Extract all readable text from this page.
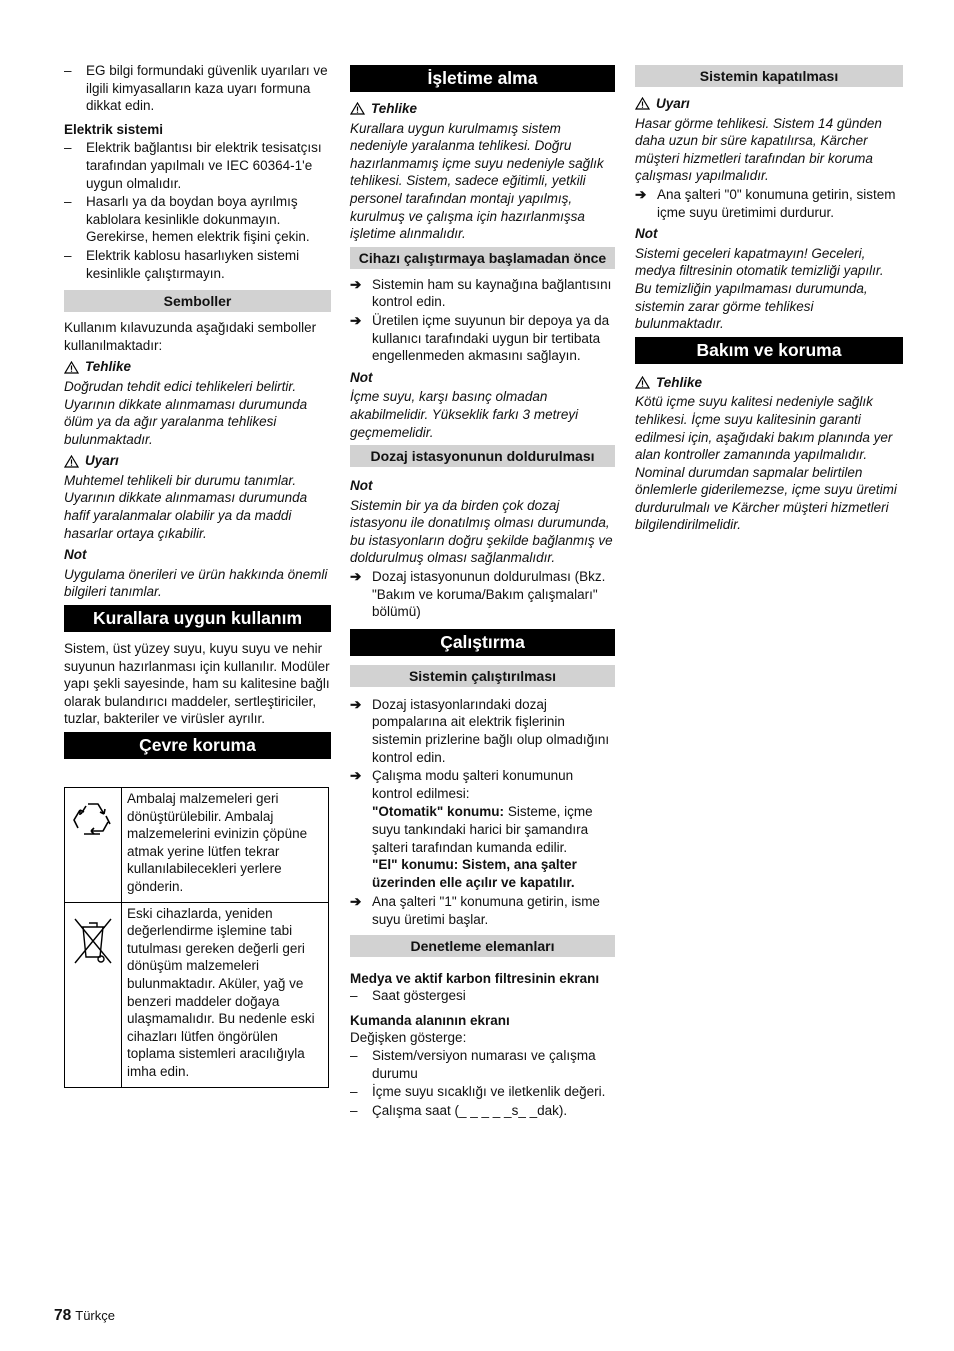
–	EG bilgi formundaki güvenlik uyarıları ve ilgili kimyasalların kaza uyarı formuna dikkat edin.

Elektrik sistemi

–	Elektrik bağlantısı bir elektrik tesisatçısı tarafından yapılmalı ve IEC 60364-1'e uygun olmalıdır.
–	Hasarlı ya da boydan boya ayrılmış kablolara kesinlikle dokunmayın. Gerekirse, hemen elektrik fişini çekin.
–	Elektrik kablosu hasarlıyken sistemi kesinlikle çalıştırmayın.
Semboller

Kullanım kılavuzunda aşağıdaki semboller kullanılmaktadır:

Tehlike

Doğrudan tehdit edici tehlikeleri belirtir. Uyarının dikkate alınmaması durumunda ölüm ya da ağır yaralanma tehlikesi bulunmaktadır.

Uyarı

Muhtemel tehlikeli bir durumu tanımlar. Uyarının dikkate alınmaması durumunda hafif yaralanmalar olabilir ya da maddi hasarlar ortaya çıkabilir.

Not

Uygulama önerileri ve ürün hakkında önemli bilgileri tanımlar.

Kurallara uygun kullanım

Sistem, üst yüzey suyu, kuyu suyu ve nehir suyunun hazırlanması için kullanılır. Modüler yapı şekli sayesinde, ham su kalitesine bağlı olarak bulandırıcı maddeler, sertleştiriciler, tuzlar, bakteriler ve virüsler ayrılır.

Çevre koruma
	Ambalaj malzemeleri geri dönüştürülebilir. Ambalaj malzemelerini evinizin çöpüne atmak yerine lütfen tekrar kullanılabilecekleri yerlere gönderin.
	Eski cihazlarda, yeniden değerlendirme işlemine tabi tutulması gereken değerli geri dönüşüm malzemeleri bulunmaktadır. Aküler, yağ ve benzeri maddeler doğaya ulaşmamalıdır. Bu nedenle eski cihazları lütfen öngörülen toplama sistemleri aracılığıyla imha edin.
İşletime alma
Tehlike

Kurallara uygun kurulmamış sistem nedeniyle yaralanma tehlikesi. Doğru hazırlanmamış içme suyu nedeniyle sağlık tehlikesi. Sistem, sadece eğitimli, yetkili personel tarafından montajı yapılmış, kurulmuş ve çalışma için hazırlanmışsa işletime alınmalıdır.

Cihazı çalıştırmaya başlamadan önce
➔ Sistemin ham su kaynağına bağlantısını kontrol edin.
➔ Üretilen içme suyunun bir depoya ya da kullanıcı tarafındaki uygun bir tertibata engellenmeden akmasını sağlayın.

Not

İçme suyu, karşı basınç olmadan akabilmelidir. Yükseklik farkı 3 metreyi geçmemelidir.

Dozaj istasyonunun doldurulması

Not

Sistemin bir ya da birden çok dozaj istasyonu ile donatılmış olması durumunda, bu istasyonların doğru şekilde bağlanmış ve doldurulmuş olması sağlanmalıdır.

➔ Dozaj istasyonunun doldurulması (Bkz. "Bakım ve koruma/Bakım çalışmaları" bölümü)
Çalıştırma
Sistemin çalıştırılması
➔ Dozaj istasyonlarındaki dozaj pompalarına ait elektrik fişlerinin sistemin prizlerine bağlı olup olmadığını kontrol edin.
➔ Çalışma modu şalteri konumunun kontrol edilmesi:
"Otomatik" konumu: Sisteme, içme suyu tankındaki harici bir şamandıra şalteri tarafından kumanda edilir.
"El" konumu: Sistem, ana şalter üzerinden elle açılır ve kapatılır.
➔ Ana şalteri "1" konumuna getirin, isme suyu üretimi başlar.
Denetleme elemanları

Medya ve aktif karbon filtresinin ekranı

–	Saat göstergesi

Kumanda alanının ekranı

Değişken gösterge:

–	Sistem/versiyon numarası ve çalışma durumu
–	İçme suyu sıcaklığı ve iletkenlik değeri.
–	Çalışma saat (_ _ _ _ _s_ _dak).
Sistemin kapatılması
Uyarı

Hasar görme tehlikesi. Sistem 14 günden daha uzun bir süre kapatılırsa, Kärcher müşteri hizmetleri tarafından bir koruma çalışması yapılmalıdır.

➔ Ana şalteri "0" konumuna getirin, sistem içme suyu üretimimi durdurur.

Not

Sistemi geceleri kapatmayın! Geceleri, medya filtresinin otomatik temizliği yapılır. Bu temizliğin yapılmaması durumunda, sistemin zarar görme tehlikesi bulunmaktadır.

Bakım ve koruma
Tehlike

Kötü içme suyu kalitesi nedeniyle sağlık tehlikesi. İçme suyu kalitesinin garanti edilmesi için, aşağıdaki bakım planında yer alan kontroller zamanında yapılmalıdır. Nominal durumdan sapmalar belirtilen önlemlerle giderilemezse, içme suyu üretimi durdurulmalı ve Kärcher müşteri hizmetleri bilgilendirilmelidir.

78 Türkçe
